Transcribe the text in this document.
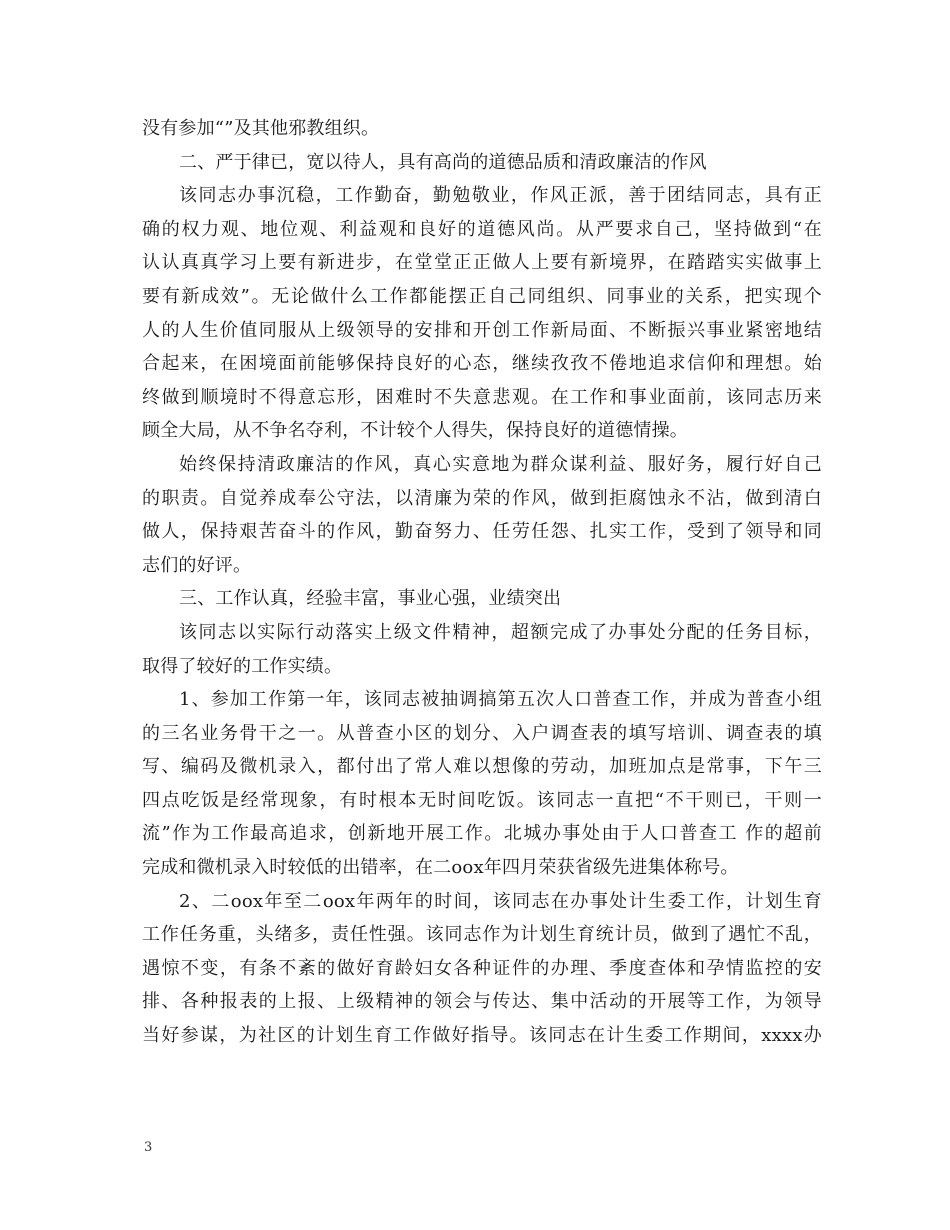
没有参加“”及其他邪教组织。
二、严于律已，宽以待人，具有高尚的道德品质和清政廉洁的作风
该同志办事沉稳，工作勤奋，勤勉敬业，作风正派，善于团结同志，具有正
确的权力观、地位观、利益观和良好的道德风尚。从严要求自己，坚持做到“在
认认真真学习上要有新进步，在堂堂正正做人上要有新境界，在踏踏实实做事上
要有新成效”。无论做什么工作都能摆正自己同组织、同事业的关系，把实现个
人的人生价值同服从上级领导的安排和开创工作新局面、不断振兴事业紧密地结
合起来，在困境面前能够保持良好的心态，继续孜孜不倦地追求信仰和理想。始
终做到顺境时不得意忘形，困难时不失意悲观。在工作和事业面前，该同志历来
顾全大局，从不争名夺利，不计较个人得失，保持良好的道德情操。
始终保持清政廉洁的作风，真心实意地为群众谋利益、服好务，履行好自己
的职责。自觉养成奉公守法，以清廉为荣的作风，做到拒腐蚀永不沾，做到清白
做人，保持艰苦奋斗的作风，勤奋努力、任劳任怨、扎实工作，受到了领导和同
志们的好评。
三、工作认真，经验丰富，事业心强，业绩突出
该同志以实际行动落实上级文件精神，超额完成了办事处分配的任务目标，
取得了较好的工作实绩。
1、参加工作第一年，该同志被抽调搞第五次人口普查工作，并成为普查小组
的三名业务骨干之一。从普查小区的划分、入户调查表的填写培训、调查表的填
写、编码及微机录入，都付出了常人难以想像的劳动，加班加点是常事，下午三
四点吃饭是经常现象，有时根本无时间吃饭。该同志一直把“不干则已，干则一
流”作为工作最高追求，创新地开展工作。北城办事处由于人口普查工 作的超前
完成和微机录入时较低的出错率，在二oox年四月荣获省级先进集体称号。
2、二oox年至二oox年两年的时间，该同志在办事处计生委工作，计划生育
工作任务重，头绪多，责任性强。该同志作为计划生育统计员，做到了遇忙不乱，
遇惊不变，有条不紊的做好育龄妇女各种证件的办理、季度查体和孕情监控的安
排、各种报表的上报、上级精神的领会与传达、集中活动的开展等工作，为领导
当好参谋，为社区的计划生育工作做好指导。该同志在计生委工作期间，xxxx办
3
